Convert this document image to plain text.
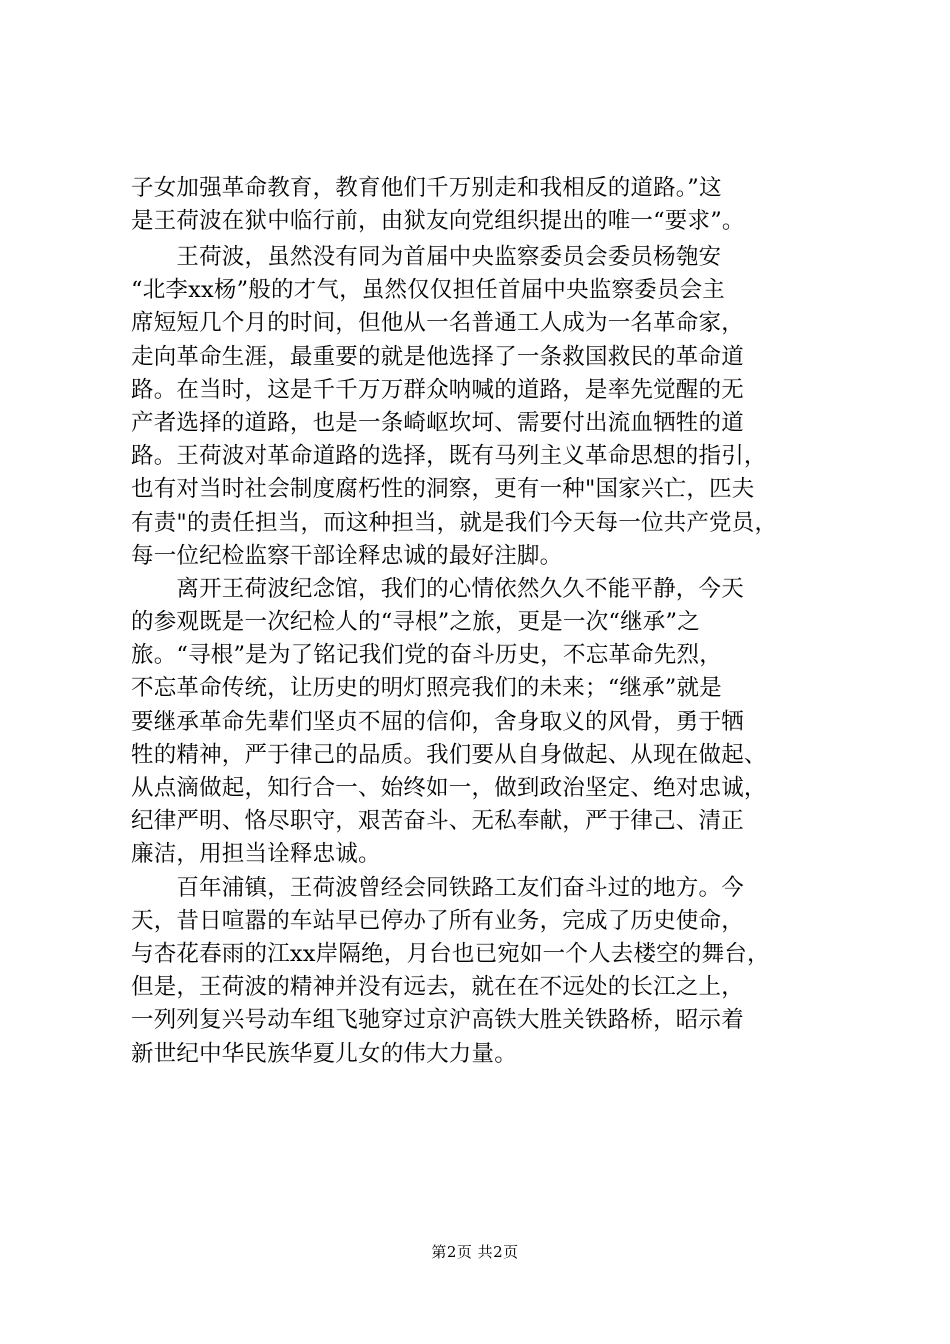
子女加强革命教育，教育他们千万别走和我相反的道路。”这
是王荷波在狱中临行前，由狱友向党组织提出的唯一“要求”。
　　王荷波，虽然没有同为首届中央监察委员会委员杨匏安
“北李xx杨”般的才气，虽然仅仅担任首届中央监察委员会主
席短短几个月的时间，但他从一名普通工人成为一名革命家，
走向革命生涯，最重要的就是他选择了一条救国救民的革命道
路。在当时，这是千千万万群众呐喊的道路，是率先觉醒的无
产者选择的道路，也是一条崎岖坎坷、需要付出流血牺牲的道
路。王荷波对革命道路的选择，既有马列主义革命思想的指引，
也有对当时社会制度腐朽性的洞察，更有一种"国家兴亡，匹夫
有责"的责任担当，而这种担当，就是我们今天每一位共产党员，
每一位纪检监察干部诠释忠诚的最好注脚。
　　离开王荷波纪念馆，我们的心情依然久久不能平静，今天
的参观既是一次纪检人的“寻根”之旅，更是一次“继承”之
旅。“寻根”是为了铭记我们党的奋斗历史，不忘革命先烈，
不忘革命传统，让历史的明灯照亮我们的未来；“继承”就是
要继承革命先辈们坚贞不屈的信仰，舍身取义的风骨，勇于牺
牲的精神，严于律己的品质。我们要从自身做起、从现在做起、
从点滴做起，知行合一、始终如一，做到政治坚定、绝对忠诚，
纪律严明、恪尽职守，艰苦奋斗、无私奉献，严于律己、清正
廉洁，用担当诠释忠诚。
　　百年浦镇，王荷波曾经会同铁路工友们奋斗过的地方。今
天，昔日喧嚣的车站早已停办了所有业务，完成了历史使命，
与杏花春雨的江xx岸隔绝，月台也已宛如一个人去楼空的舞台，
但是，王荷波的精神并没有远去，就在在不远处的长江之上，
一列列复兴号动车组飞驰穿过京沪高铁大胜关铁路桥，昭示着
新世纪中华民族华夏儿女的伟大力量。
第2页 共2页
